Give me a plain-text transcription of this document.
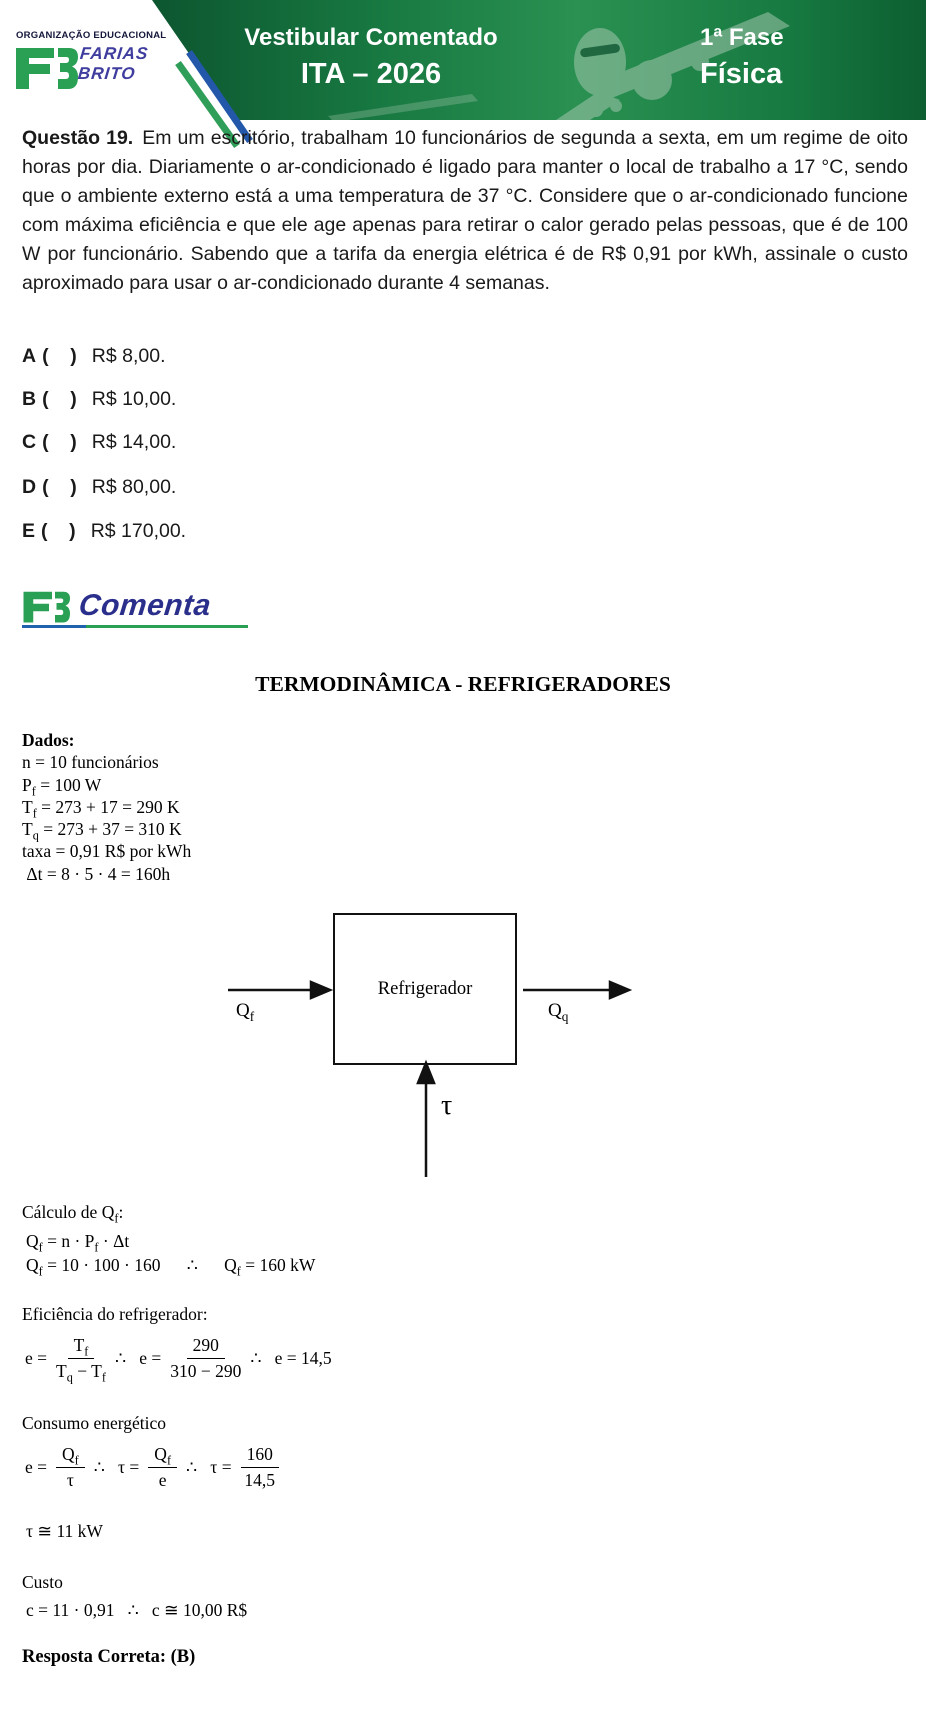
ORGANIZAÇÃO EDUCACIONAL
FARIAS
BRITO
Vestibular Comentado
ITA – 2026
1ª Fase
Física

Questão 19. Em um escritório, trabalham 10 funcionários de segunda a sexta, em um regime de oito horas por dia. Diariamente o ar-condicionado é ligado para manter o local de trabalho a 17 °C, sendo que o ambiente externo está a uma temperatura de 37 °C. Considere que o ar-condicionado funcione com máxima eficiência e que ele age apenas para retirar o calor gerado pelas pessoas, que é de 100 W por funcionário. Sabendo que a tarifa da energia elétrica é de R$ 0,91 por kWh, assinale o custo aproximado para usar o ar-condicionado durante 4 semanas.

A (    ) R$ 8,00.
B (    ) R$ 10,00.
C (    ) R$ 14,00.
D (    ) R$ 80,00.
E (    ) R$ 170,00.
Comenta
TERMODINÂMICA - REFRIGERADORES
Dados:
n = 10 funcionários
$P_f = 100$ W
$T_f = 273 + 17 = 290$ K
$T_q = 273 + 37 = 310$ K
taxa = 0,91 R$ por kWh
Δt = 8 · 5 · 4 = 160h
Refrigerador
$Q_f$	$Q_q$
τ
Cálculo de $Q_f$:
$Q_f = n \cdot P_f \cdot \Delta t$
$Q_f = 10 \cdot 100 \cdot 160$      ∴      $Q_f = 160$ kW
Eficiência do refrigerador:
$e = \frac{T_f}{T_q - T_f}$ ∴   $e = \frac{290}{310 - 290}$ ∴   e = 14,5
Consumo energético
$e = \frac{Q_f}{\tau}$ ∴   $\tau = \frac{Q_f}{e}$ ∴   $\tau = \frac{160}{14,5}$
τ ≅ 11 kW
Custo
c = 11 · 0,91   ∴   c ≅ 10,00 R$
Resposta Correta: (B)
